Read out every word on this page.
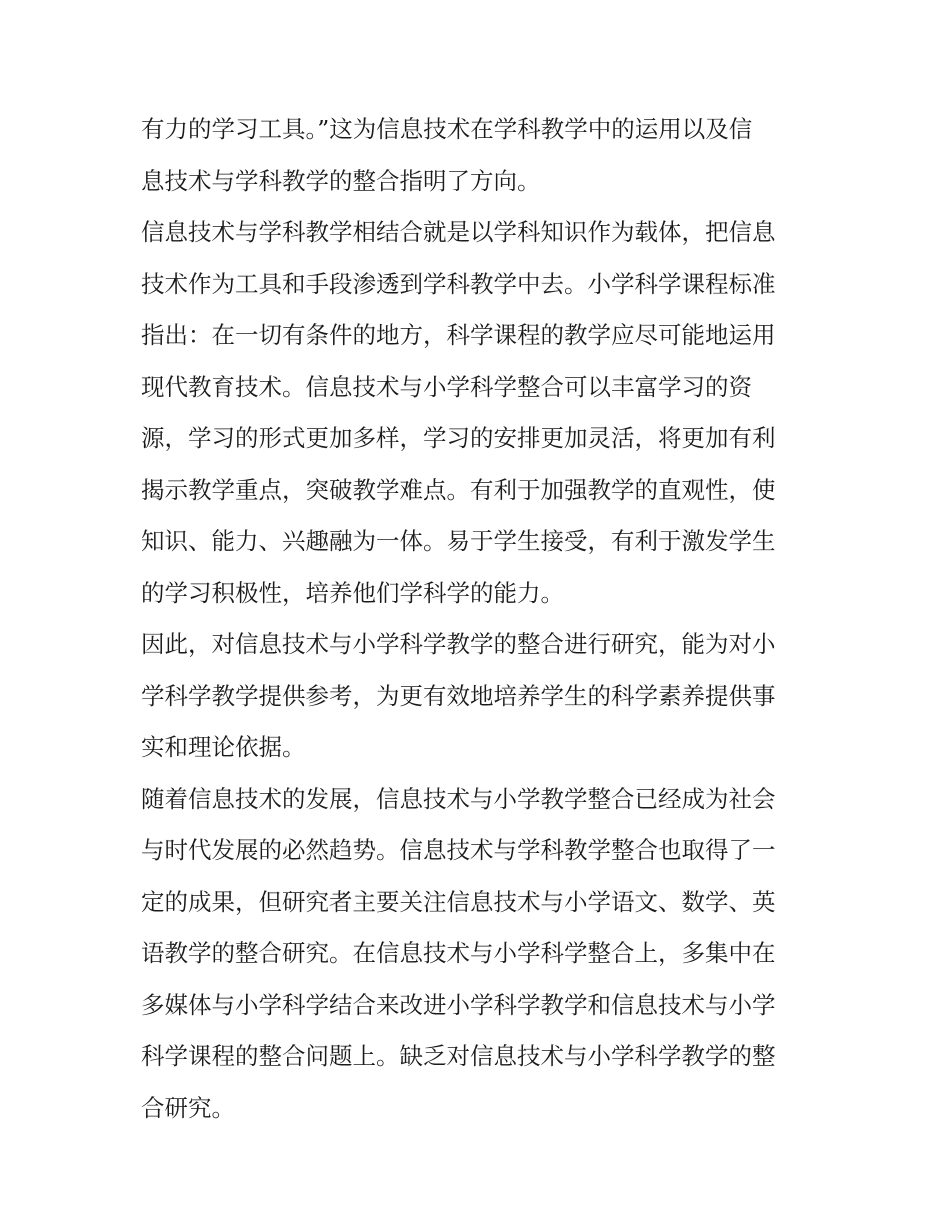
有力的学习工具。”这为信息技术在学科教学中的运用以及信
息技术与学科教学的整合指明了方向。
信息技术与学科教学相结合就是以学科知识作为载体，把信息
技术作为工具和手段渗透到学科教学中去。小学科学课程标准
指出：在一切有条件的地方，科学课程的教学应尽可能地运用
现代教育技术。信息技术与小学科学整合可以丰富学习的资
源，学习的形式更加多样，学习的安排更加灵活，将更加有利
揭示教学重点，突破教学难点。有利于加强教学的直观性，使
知识、能力、兴趣融为一体。易于学生接受，有利于激发学生
的学习积极性，培养他们学科学的能力。
因此，对信息技术与小学科学教学的整合进行研究，能为对小
学科学教学提供参考，为更有效地培养学生的科学素养提供事
实和理论依据。
随着信息技术的发展，信息技术与小学教学整合已经成为社会
与时代发展的必然趋势。信息技术与学科教学整合也取得了一
定的成果，但研究者主要关注信息技术与小学语文、数学、英
语教学的整合研究。在信息技术与小学科学整合上，多集中在
多媒体与小学科学结合来改进小学科学教学和信息技术与小学
科学课程的整合问题上。缺乏对信息技术与小学科学教学的整
合研究。
